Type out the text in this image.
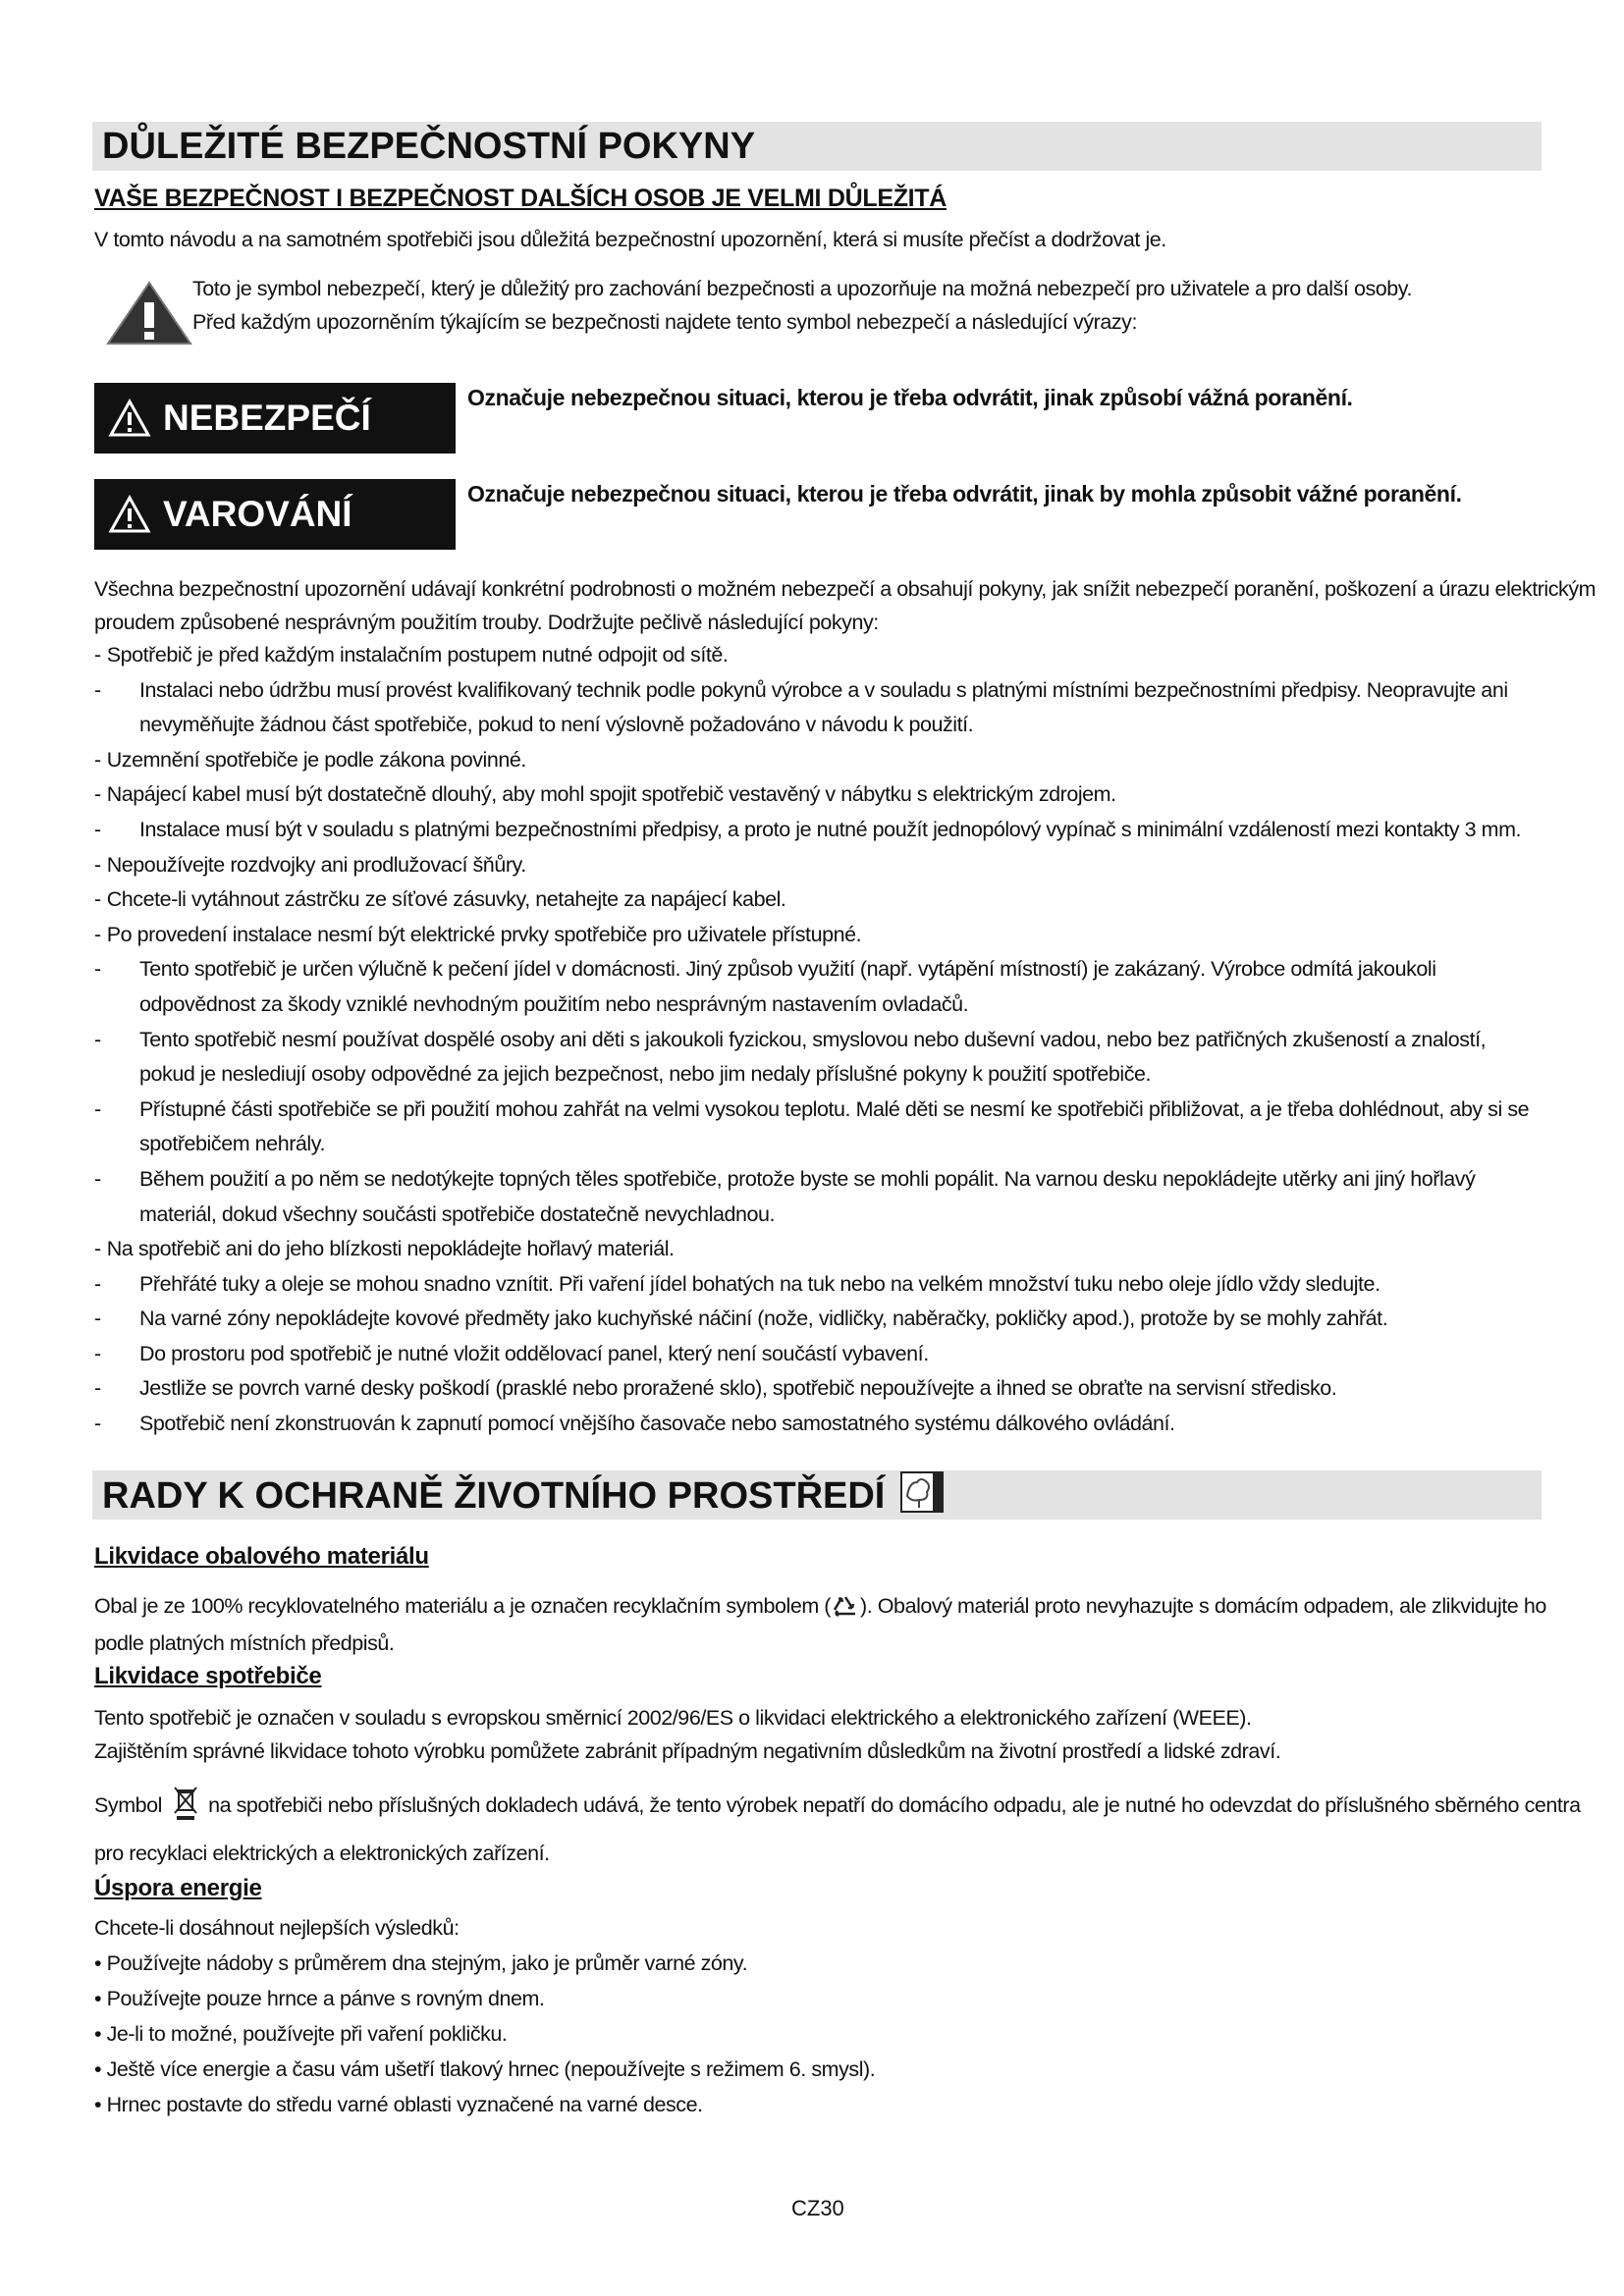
DŮLEŽITÉ BEZPEČNOSTNÍ POKYNY
VAŠE BEZPEČNOST I BEZPEČNOST DALŠÍCH OSOB JE VELMI DŮLEŽITÁ
V tomto návodu a na samotném spotřebiči jsou důležitá bezpečnostní upozornění, která si musíte přečíst a dodržovat je.
Toto je symbol nebezpečí, který je důležitý pro zachování bezpečnosti a upozorňuje na možná nebezpečí pro uživatele a pro další osoby.
Před každým upozorněním týkajícím se bezpečnosti najdete tento symbol nebezpečí a následující výrazy:
NEBEZPEČÍ	Označuje nebezpečnou situaci, kterou je třeba odvrátit, jinak způsobí vážná poranění.
VAROVÁNÍ	Označuje nebezpečnou situaci, kterou je třeba odvrátit, jinak by mohla způsobit vážné poranění.
Všechna bezpečnostní upozornění udávají konkrétní podrobnosti o možném nebezpečí a obsahují pokyny, jak snížit nebezpečí poranění, poškození a úrazu elektrickým
proudem způsobené nesprávným použitím trouby. Dodržujte pečlivě následující pokyny:
- Spotřebič je před každým instalačním postupem nutné odpojit od sítě.
- Instalaci nebo údržbu musí provést kvalifikovaný technik podle pokynů výrobce a v souladu s platnými místními bezpečnostními předpisy. Neopravujte ani nevyměňujte žádnou část spotřebiče, pokud to není výslovně požadováno v návodu k použití.
- Uzemnění spotřebiče je podle zákona povinné.
- Napájecí kabel musí být dostatečně dlouhý, aby mohl spojit spotřebič vestavěný v nábytku s elektrickým zdrojem.
- Instalace musí být v souladu s platnými bezpečnostními předpisy, a proto je nutné použít jednopólový vypínač s minimální vzdáleností mezi kontakty 3 mm.
- Nepoužívejte rozdvojky ani prodlužovací šňůry.
- Chcete-li vytáhnout zástrčku ze síťové zásuvky, netahejte za napájecí kabel.
- Po provedení instalace nesmí být elektrické prvky spotřebiče pro uživatele přístupné.
- Tento spotřebič je určen výlučně k pečení jídel v domácnosti. Jiný způsob využití (např. vytápění místností) je zakázaný. Výrobce odmítá jakoukoli odpovědnost za škody vzniklé nevhodným použitím nebo nesprávným nastavením ovladačů.
- Tento spotřebič nesmí používat dospělé osoby ani děti s jakoukoli fyzickou, smyslovou nebo duševní vadou, nebo bez patřičných zkušeností a znalostí, pokud je neslediují osoby odpovědné za jejich bezpečnost, nebo jim nedaly příslušné pokyny k použití spotřebiče.
- Přístupné části spotřebiče se při použití mohou zahřát na velmi vysokou teplotu. Malé děti se nesmí ke spotřebiči přibližovat, a je třeba dohlédnout, aby si se spotřebičem nehrály.
- Během použití a po něm se nedotýkejte topných těles spotřebiče, protože byste se mohli popálit. Na varnou desku nepokládejte utěrky ani jiný hořlavý materiál, dokud všechny součásti spotřebiče dostatečně nevychladnou.
- Na spotřebič ani do jeho blízkosti nepokládejte hořlavý materiál.
- Přehřáté tuky a oleje se mohou snadno vznítit. Při vaření jídel bohatých na tuk nebo na velkém množství tuku nebo oleje jídlo vždy sledujte.
- Na varné zóny nepokládejte kovové předměty jako kuchyňské náčiní (nože, vidličky, naběračky, pokličky apod.), protože by se mohly zahřát.
- Do prostoru pod spotřebič je nutné vložit oddělovací panel, který není součástí vybavení.
- Jestliže se povrch varné desky poškodí (prasklé nebo proražené sklo), spotřebič nepoužívejte a ihned se obraťte na servisní středisko.
- Spotřebič není zkonstruován k zapnutí pomocí vnějšího časovače nebo samostatného systému dálkového ovládání.
RADY K OCHRANĚ ŽIVOTNÍHO PROSTŘEDÍ
Likvidace obalového materiálu
Obal je ze 100% recyklovatelného materiálu a je označen recyklačním symbolem ( ). Obalový materiál proto nevyhazujte s domácím odpadem, ale zlikvidujte ho
podle platných místních předpisů.
Likvidace spotřebiče
Tento spotřebič je označen v souladu s evropskou směrnicí 2002/96/ES o likvidaci elektrického a elektronického zařízení (WEEE).
Zajištěním správné likvidace tohoto výrobku pomůžete zabránit případným negativním důsledkům na životní prostředí a lidské zdraví.
Symbol na spotřebiči nebo příslušných dokladech udává, že tento výrobek nepatří do domácího odpadu, ale je nutné ho odevzdat do příslušného sběrného centra
pro recyklaci elektrických a elektronických zařízení.
Úspora energie
Chcete-li dosáhnout nejlepších výsledků:
• Používejte nádoby s průměrem dna stejným, jako je průměr varné zóny.
• Používejte pouze hrnce a pánve s rovným dnem.
• Je-li to možné, používejte při vaření pokličku.
• Ještě více energie a času vám ušetří tlakový hrnec (nepoužívejte s režimem 6. smysl).
• Hrnec postavte do středu varné oblasti vyznačené na varné desce.
CZ30
